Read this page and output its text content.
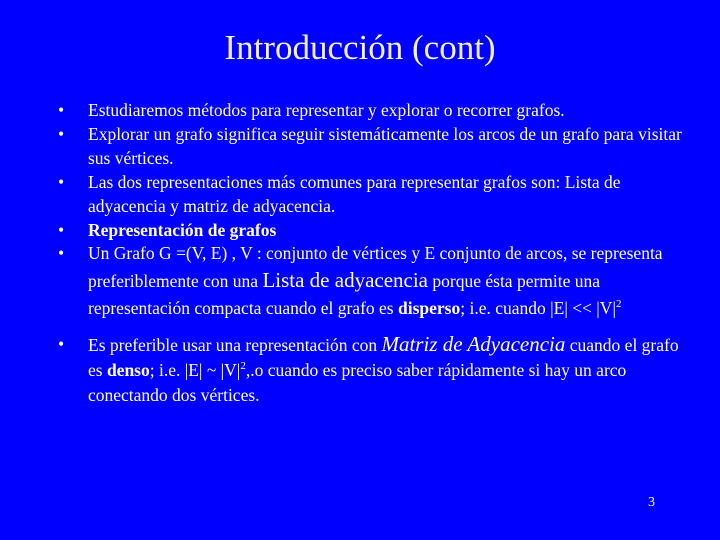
Introducción (cont)
• Estudiaremos métodos para representar y explorar o recorrer grafos.
• Explorar un grafo significa seguir sistemáticamente los arcos de un grafo para visitar sus vértices.
• Las dos representaciones más comunes para representar grafos son: Lista de adyacencia y matriz de adyacencia.
• Representación de grafos
• Un Grafo G =(V, E) , V : conjunto de vértices y E conjunto de arcos, se representa preferiblemente con una Lista de adyacencia porque ésta permite una representación compacta cuando el grafo es disperso; i.e. cuando $|E| << |V|^2$
• Es preferible usar una representación con Matriz de Adyacencia cuando el grafo es denso; i.e. |E| ~ $|V|^2,.o$ cuando es preciso saber rápidamente si hay un arco conectando dos vértices.
3
